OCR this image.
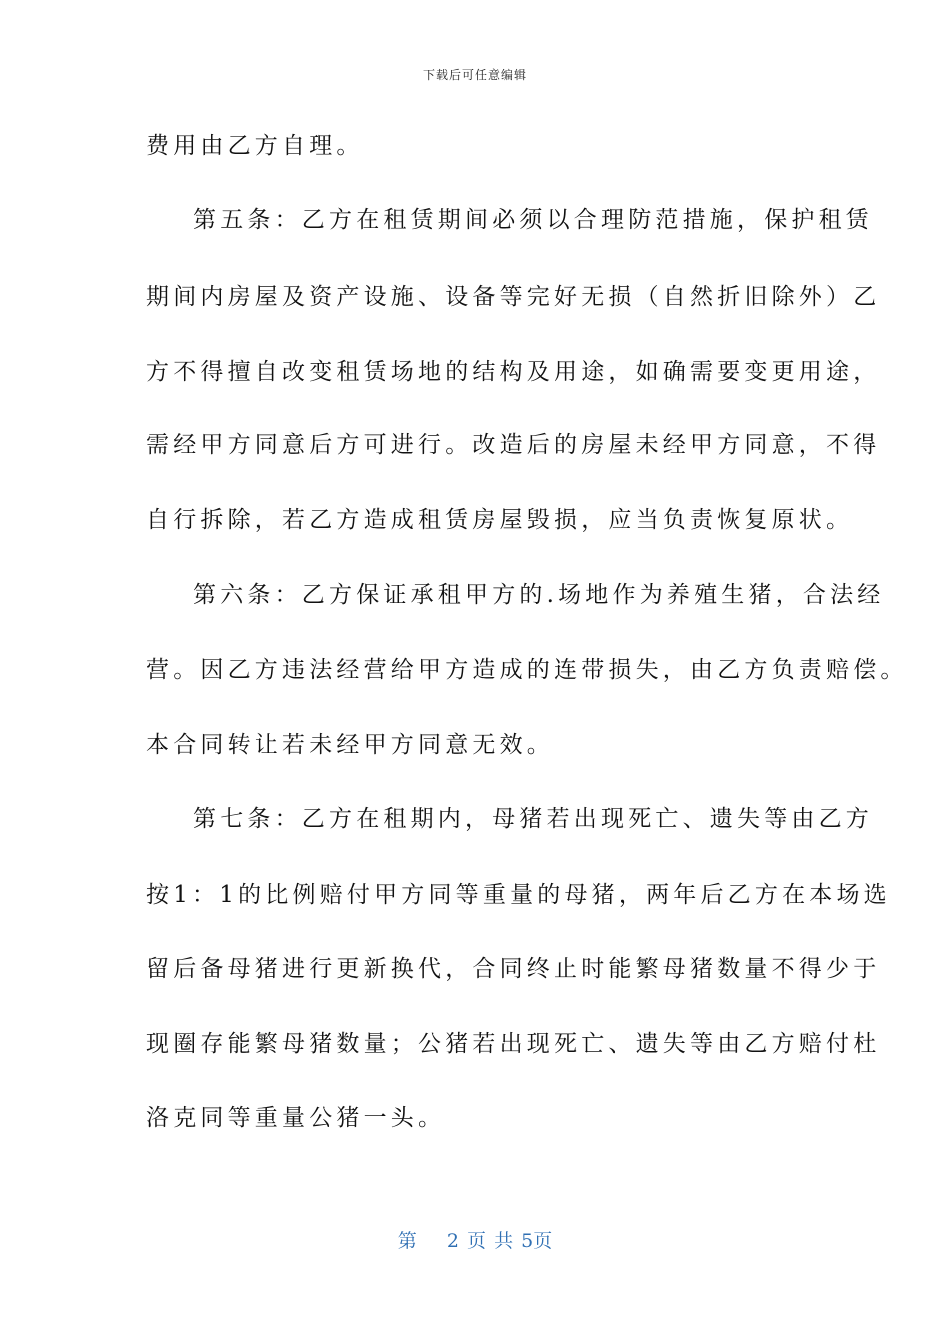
下载后可任意编辑
费用由乙方自理。
第五条：乙方在租赁期间必须以合理防范措施，保护租赁
期间内房屋及资产设施、设备等完好无损（自然折旧除外）乙
方不得擅自改变租赁场地的结构及用途，如确需要变更用途，
需经甲方同意后方可进行。改造后的房屋未经甲方同意，不得
自行拆除，若乙方造成租赁房屋毁损，应当负责恢复原状。
第六条：乙方保证承租甲方的.场地作为养殖生猪，合法经
营。因乙方违法经营给甲方造成的连带损失，由乙方负责赔偿。
本合同转让若未经甲方同意无效。
第七条：乙方在租期内，母猪若出现死亡、遗失等由乙方
按1：1的比例赔付甲方同等重量的母猪，两年后乙方在本场选
留后备母猪进行更新换代，合同终止时能繁母猪数量不得少于
现圈存能繁母猪数量；公猪若出现死亡、遗失等由乙方赔付杜
洛克同等重量公猪一头。
第 2 页 共 5页
